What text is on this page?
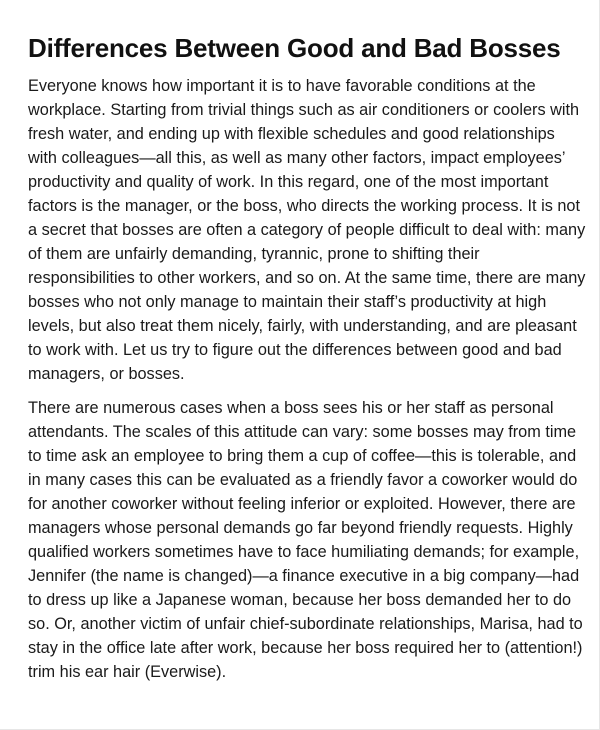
Differences Between Good and Bad Bosses

Everyone knows how important it is to have favorable conditions at the workplace. Starting from trivial things such as air conditioners or coolers with fresh water, and ending up with flexible schedules and good relationships with colleagues—all this, as well as many other factors, impact employees’ productivity and quality of work. In this regard, one of the most important factors is the manager, or the boss, who directs the working process. It is not a secret that bosses are often a category of people difficult to deal with: many of them are unfairly demanding, tyrannic, prone to shifting their responsibilities to other workers, and so on. At the same time, there are many bosses who not only manage to maintain their staff’s productivity at high levels, but also treat them nicely, fairly, with understanding, and are pleasant to work with. Let us try to figure out the differences between good and bad managers, or bosses.

There are numerous cases when a boss sees his or her staff as personal attendants. The scales of this attitude can vary: some bosses may from time to time ask an employee to bring them a cup of coffee—this is tolerable, and in many cases this can be evaluated as a friendly favor a coworker would do for another coworker without feeling inferior or exploited. However, there are managers whose personal demands go far beyond friendly requests. Highly qualified workers sometimes have to face humiliating demands; for example, Jennifer (the name is changed)—a finance executive in a big company—had to dress up like a Japanese woman, because her boss demanded her to do so. Or, another victim of unfair chief-subordinate relationships, Marisa, had to stay in the office late after work, because her boss required her to (attention!) trim his ear hair (Everwise).
